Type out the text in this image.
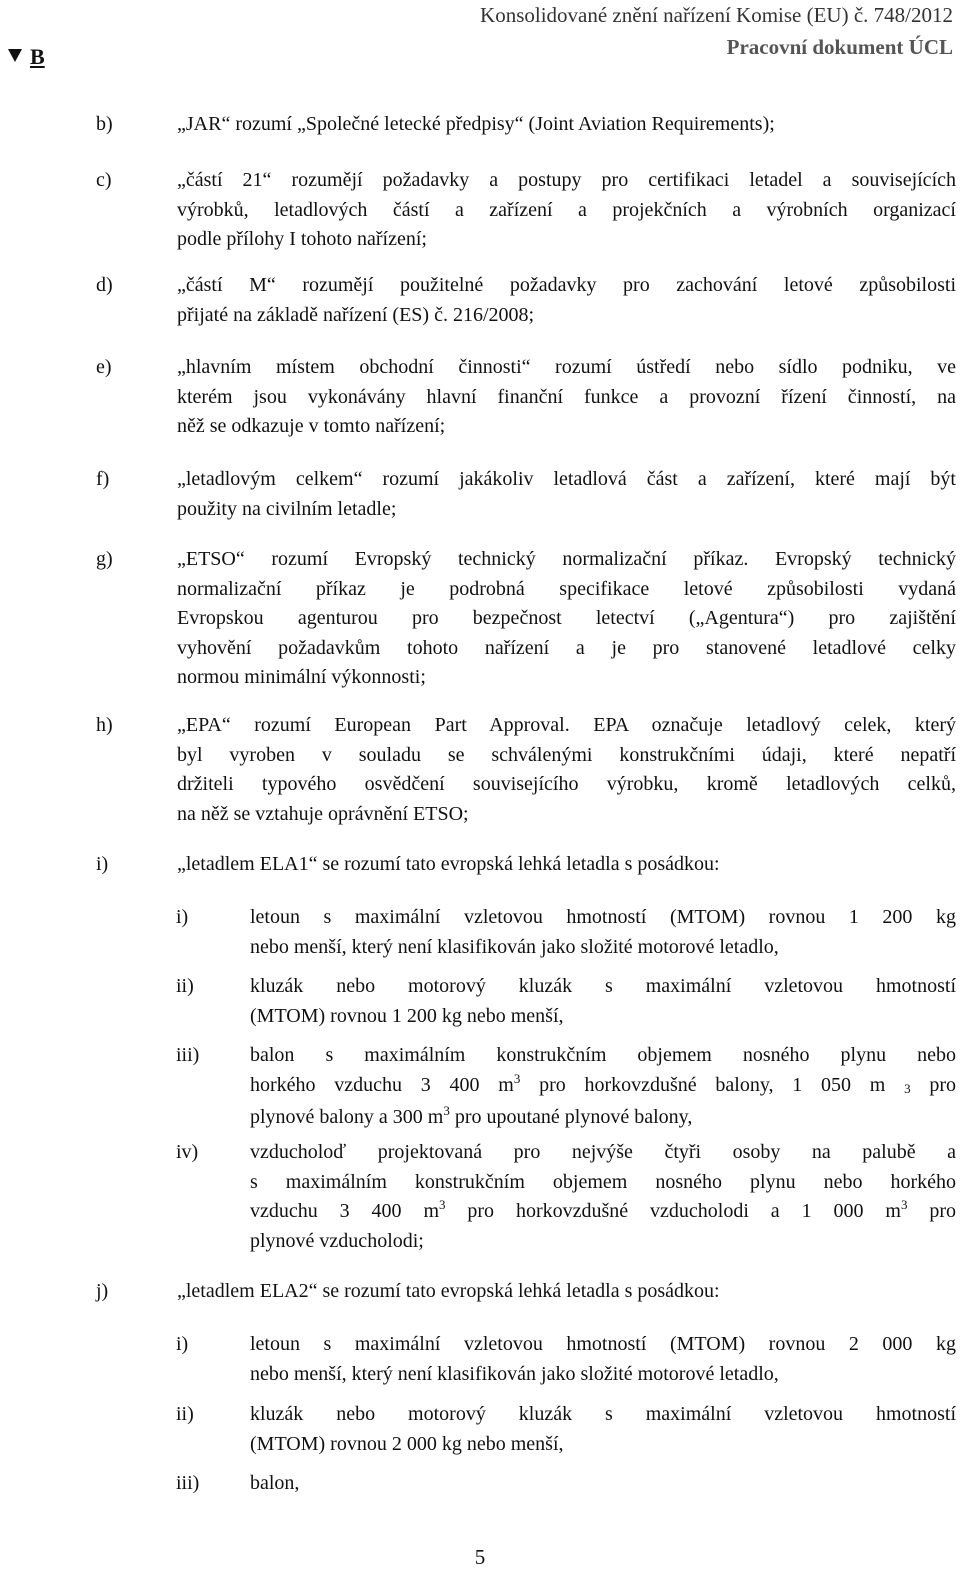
Konsolidované znění nařízení Komise (EU) č. 748/2012
Pracovní dokument ÚCL
B
b)	„JAR“ rozumí „Společné letecké předpisy“ (Joint Aviation Requirements);
c)	„částí 21“ rozumějí požadavky a postupy pro certifikaci letadel a souvisejících
výrobků, letadlových částí a zařízení a projekčních a výrobních organizací
podle přílohy I tohoto nařízení;
d)	„částí M“ rozumějí použitelné požadavky pro zachování letové způsobilosti
přijaté na základě nařízení (ES) č. 216/2008;
e)	„hlavním místem obchodní činnosti“ rozumí ústředí nebo sídlo podniku, ve
kterém jsou vykonávány hlavní finanční funkce a provozní řízení činností, na
něž se odkazuje v tomto nařízení;
f)	„letadlovým celkem“ rozumí jakákoliv letadlová část a zařízení, které mají být
použity na civilním letadle;
g)	„ETSO“ rozumí Evropský technický normalizační příkaz. Evropský technický
normalizační příkaz je podrobná specifikace letové způsobilosti vydaná
Evropskou agenturou pro bezpečnost letectví („Agentura“) pro zajištění
vyhovění požadavkům tohoto nařízení a je pro stanovené letadlové celky
normou minimální výkonnosti;
h)	„EPA“ rozumí European Part Approval. EPA označuje letadlový celek, který
byl vyroben v souladu se schválenými konstrukčními údaji, které nepatří
držiteli typového osvědčení souvisejícího výrobku, kromě letadlových celků,
na něž se vztahuje oprávnění ETSO;
i)	„letadlem ELA1“ se rozumí tato evropská lehká letadla s posádkou:
i)	letoun s maximální vzletovou hmotností (MTOM) rovnou 1 200 kg
nebo menší, který není klasifikován jako složité motorové letadlo,
ii)	kluzák nebo motorový kluzák s maximální vzletovou hmotností
(MTOM) rovnou 1 200 kg nebo menší,
iii)	balon s maximálním konstrukčním objemem nosného plynu nebo
horkého vzduchu 3 400 $m^3$ pro horkovzdušné balony, 1 050 m 3 pro
plynové balony a 300 $m^3$ pro upoutané plynové balony,
iv)	vzducholoď projektovaná pro nejvýše čtyři osoby na palubě a
s maximálním konstrukčním objemem nosného plynu nebo horkého
vzduchu 3 400 $m^3$ pro horkovzdušné vzducholodi a 1 000 $m^3$ pro
plynové vzducholodi;
j)	„letadlem ELA2“ se rozumí tato evropská lehká letadla s posádkou:
i)	letoun s maximální vzletovou hmotností (MTOM) rovnou 2 000 kg
nebo menší, který není klasifikován jako složité motorové letadlo,
ii)	kluzák nebo motorový kluzák s maximální vzletovou hmotností
(MTOM) rovnou 2 000 kg nebo menší,
iii)	balon,
5
